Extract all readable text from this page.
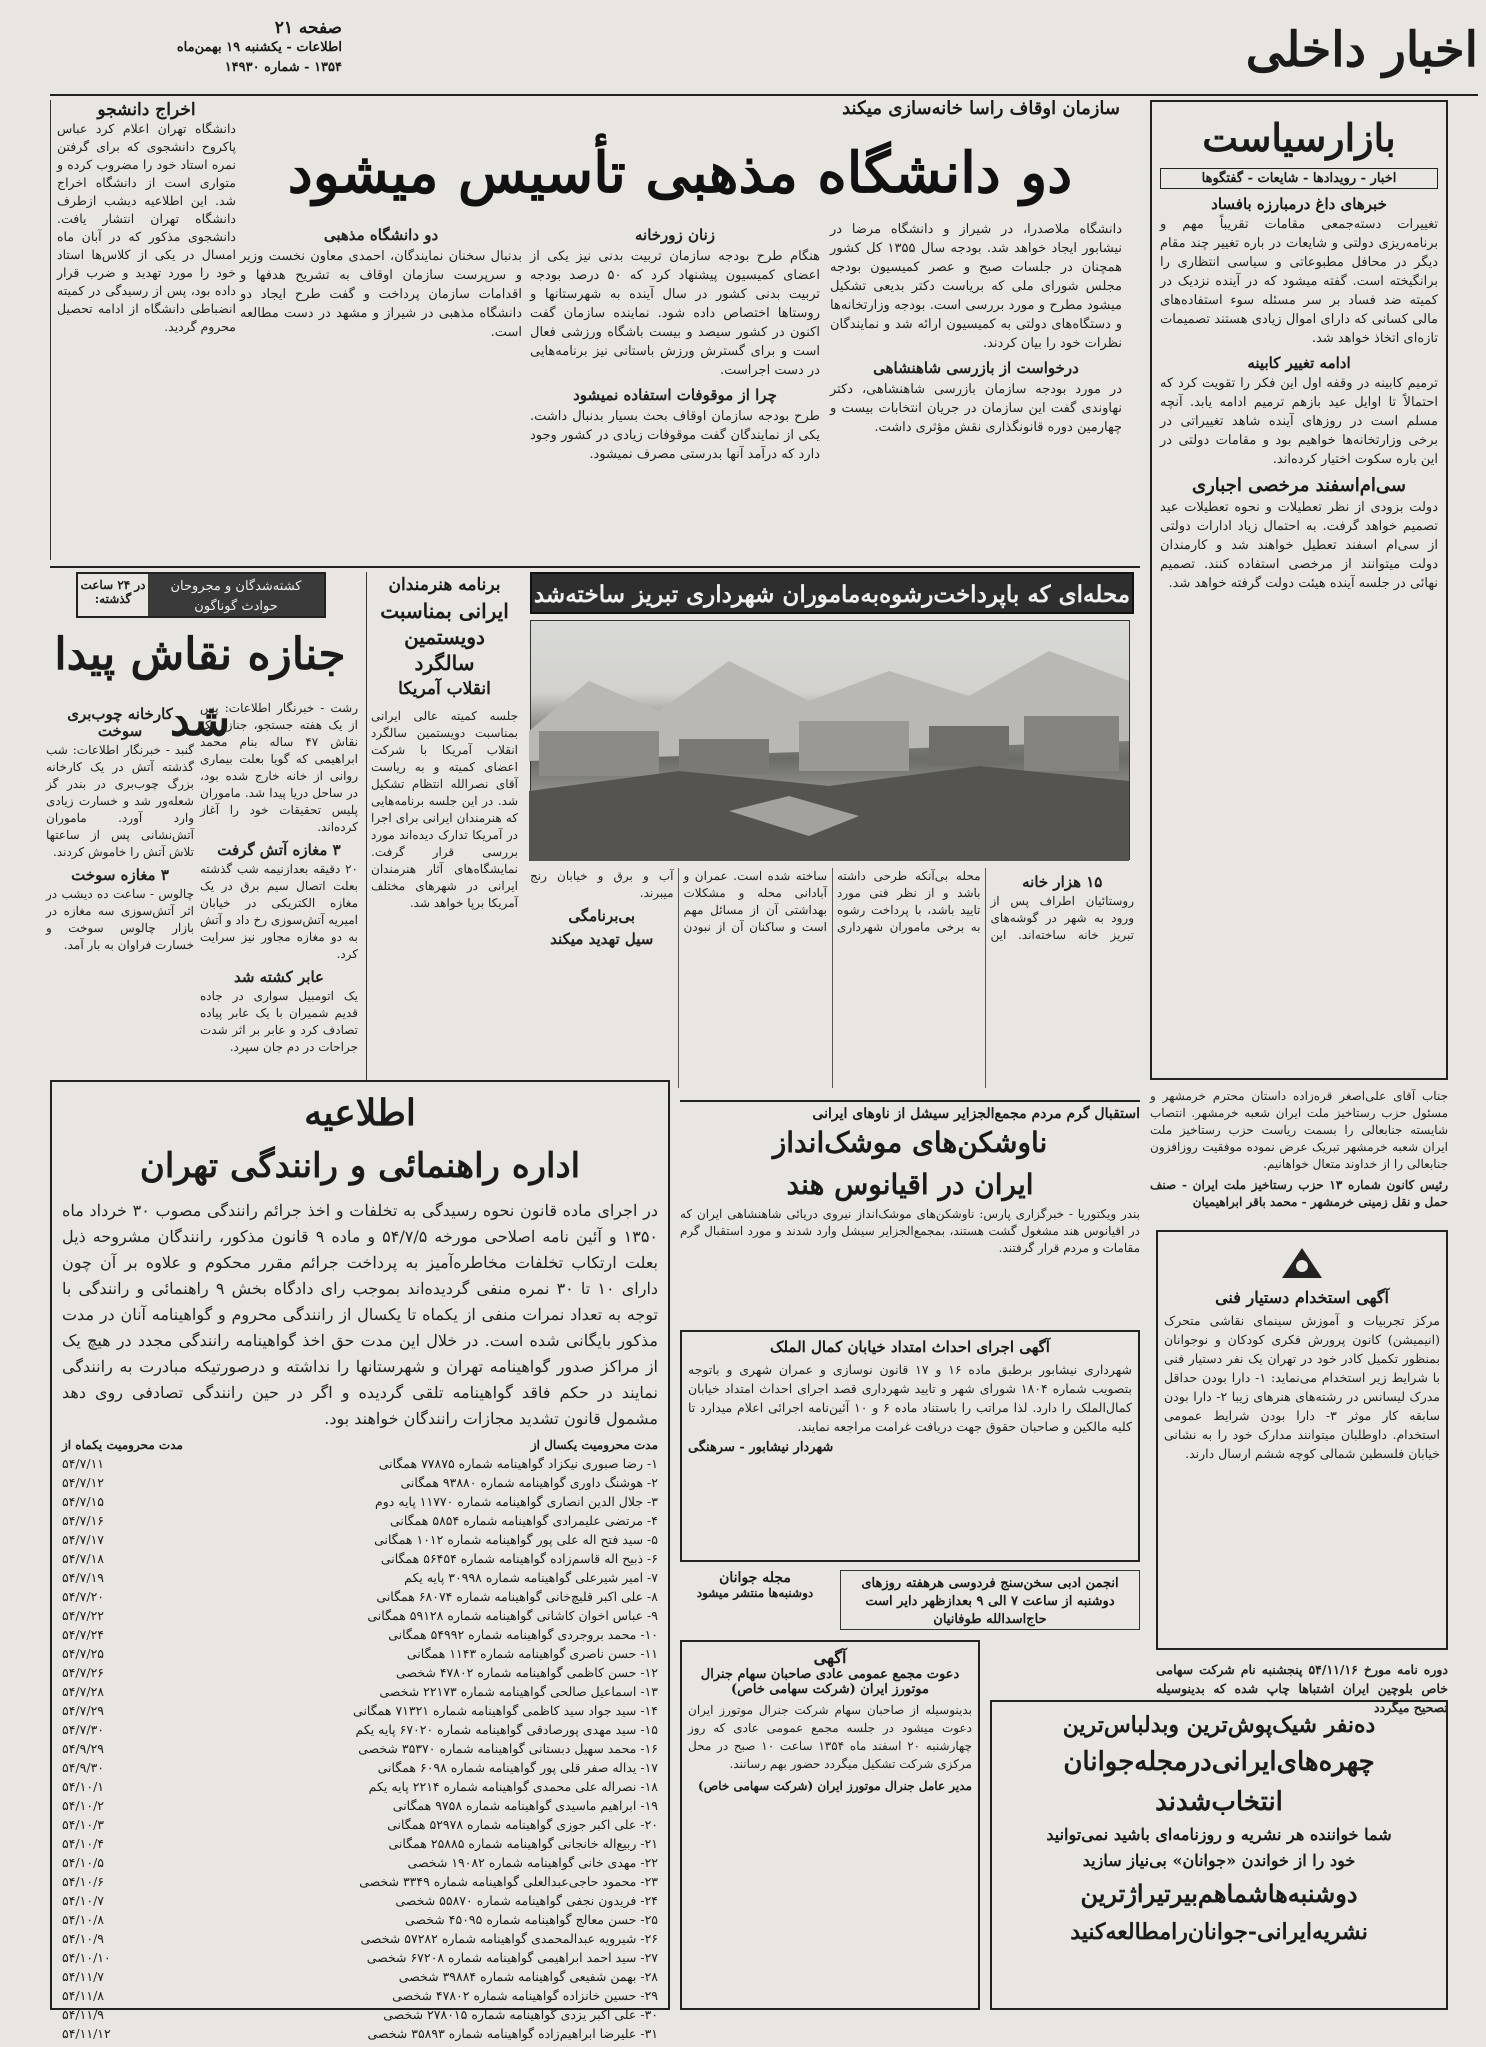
اخبار داخلی
صفحه ۲۱
اطلاعات - یکشنبه ۱۹ بهمن‌ماه
۱۳۵۴ - شماره ۱۴۹۳۰
سازمان اوقاف راسا خانه‌سازی میکند
دو دانشگاه مذهبی تأسیس میشود
اخراج دانشجو
دانشگاه تهران اعلام کرد عباس پاکروح دانشجوی که برای گرفتن نمره استاد خود را مضروب کرده و متواری است از دانشگاه اخراج شد. این اطلاعیه دیشب ازطرف دانشگاه تهران انتشار یافت. دانشجوی مذکور که در آبان ماه امسال در یکی از کلاس‌ها استاد خود را مورد تهدید و ضرب قرار داده بود، پس از رسیدگی در کمیته انضباطی دانشگاه از ادامه تحصیل محروم گردید.

دانشگاه ملاصدرا، در شیراز و دانشگاه مرضا در نیشابور ایجاد خواهد شد. بودجه سال ۱۳۵۵ کل کشور همچنان در جلسات صبح و عصر کمیسیون بودجه مجلس شورای ملی که بریاست دکتر بدیعی تشکیل میشود مطرح و مورد بررسی است. بودجه وزارتخانه‌ها و دستگاه‌های دولتی به کمیسیون ارائه شد و نمایندگان نظرات خود را بیان کردند.

درخواست از بازرسی شاهنشاهی

در مورد بودجه سازمان بازرسی شاهنشاهی، دکتر نهاوندی گفت این سازمان در جریان انتخابات بیست و چهارمین دوره قانونگذاری نقش مؤثری داشت.

زنان زورخانه

هنگام طرح بودجه سازمان تربیت بدنی نیز یکی از اعضای کمیسیون پیشنهاد کرد که ۵۰ درصد بودجه تربیت بدنی کشور در سال آینده به شهرستانها و روستاها اختصاص داده شود. نماینده سازمان گفت اکنون در کشور سیصد و بیست باشگاه ورزشی فعال است و برای گسترش ورزش باستانی نیز برنامه‌هایی در دست اجراست.

چرا از موقوفات استفاده نمیشود

طرح بودجه سازمان اوقاف بحث بسیار بدنبال داشت. یکی از نمایندگان گفت موقوفات زیادی در کشور وجود دارد که درآمد آنها بدرستی مصرف نمیشود.

دو دانشگاه مذهبی

بدنبال سخنان نمایندگان، احمدی معاون نخست وزیر و سرپرست سازمان اوقاف به تشریح هدفها و اقدامات سازمان پرداخت و گفت طرح ایجاد دو دانشگاه مذهبی در شیراز و مشهد در دست مطالعه است.

بازارسیاست
اخبار - رویدادها - شایعات - گفتگوها
خبرهای داغ درمبارزه بافساد
تغییرات دسته‌جمعی مقامات تقریباً مهم و برنامه‌ریزی دولتی و شایعات در باره تغییر چند مقام دیگر در محافل مطبوعاتی و سیاسی انتظاری را برانگیخته است. گفته میشود که در آینده نزدیک در کمیته ضد فساد بر سر مسئله سوء استفاده‌های مالی کسانی که دارای اموال زیادی هستند تصمیمات تازه‌ای اتخاذ خواهد شد.
ادامه تغییر کابینه
ترمیم کابینه در وقفه اول این فکر را تقویت کرد که احتمالاً تا اوایل عید بازهم ترمیم ادامه یابد. آنچه مسلم است در روزهای آینده شاهد تغییراتی در برخی وزارتخانه‌ها خواهیم بود و مقامات دولتی در این باره سکوت اختیار کرده‌اند.
سی‌ام‌اسفند مرخصی اجباری
دولت بزودی از نظر تعطیلات و نحوه تعطیلات عید تصمیم خواهد گرفت. به احتمال زیاد ادارات دولتی از سی‌ام اسفند تعطیل خواهند شد و کارمندان دولت میتوانند از مرخصی استفاده کنند. تصمیم نهائی در جلسه آینده هیئت دولت گرفته خواهد شد.

جناب آقای علی‌اصغر قره‌زاده داستان محترم خرمشهر و مسئول حزب رستاخیز ملت ایران شعبه خرمشهر. انتصاب شایسته جنابعالی را بسمت ریاست حزب رستاخیز ملت ایران شعبه خرمشهر تبریک عرض نموده موفقیت روزافزون جنابعالی را از خداوند متعال خواهانیم.

رئیس کانون شماره ۱۳ حزب رستاخیز ملت ایران - صنف حمل و نقل زمینی خرمشهر - محمد باقر ابراهیمیان

کشته‌شدگان و مجروحان
حوادث گوناگون
در ۲۴ ساعت گذشته:
جنازه نقاش پیدا شد

رشت - خبرنگار اطلاعات: پس از یک هفته جستجو، جنازه یک نقاش ۴۷ ساله بنام محمد ابراهیمی که گویا بعلت بیماری روانی از خانه خارج شده بود، در ساحل دریا پیدا شد. ماموران پلیس تحقیقات خود را آغاز کرده‌اند.

۳ مغازه آتش گرفت

۲۰ دقیقه بعدازنیمه شب گذشته بعلت اتصال سیم برق در یک مغازه الکتریکی در خیابان امیریه آتش‌سوزی رخ داد و آتش به دو مغازه مجاور نیز سرایت کرد.

عابر کشته شد

یک اتومبیل سواری در جاده قدیم شمیران با یک عابر پیاده تصادف کرد و عابر بر اثر شدت جراحات در دم جان سپرد.

کارخانه چوب‌بری سوخت

گنبد - خبرنگار اطلاعات: شب گذشته آتش در یک کارخانه بزرگ چوب‌بری در بندر گز شعله‌ور شد و خسارت زیادی وارد آورد. ماموران آتش‌نشانی پس از ساعتها تلاش آتش را خاموش کردند.

۳ مغازه سوخت

چالوس - ساعت ده دیشب در اثر آتش‌سوزی سه مغازه در بازار چالوس سوخت و خسارت فراوان به بار آمد.

برنامه هنرمندان
ایرانی بمناسبت
دویستمین سالگرد
انقلاب آمریکا
جلسه کمیته عالی ایرانی بمناسبت دویستمین سالگرد انقلاب آمریکا با شرکت اعضای کمیته و به ریاست آقای نصرالله انتظام تشکیل شد. در این جلسه برنامه‌هایی که هنرمندان ایرانی برای اجرا در آمریکا تدارک دیده‌اند مورد بررسی قرار گرفت. نمایشگاه‌های آثار هنرمندان ایرانی در شهرهای مختلف آمریکا برپا خواهد شد.
محله‌ای که باپرداخت‌رشوه‌به‌ماموران شهرداری تبریز ساخته‌شد
۱۵ هزار خانه

روستائیان اطراف پس از ورود به شهر در گوشه‌های تبریز خانه ساخته‌اند. این محله بی‌آنکه طرحی داشته باشد و از نظر فنی مورد تایید باشد، با پرداخت رشوه به برخی ماموران شهرداری ساخته شده است. عمران و آبادانی محله و مشکلات بهداشتی آن از مسائل مهم است و ساکنان آن از نبودن آب و برق و خیابان رنج میبرند.

بی‌برنامگی
سیل تهدید میکند
اطلاعیه
اداره راهنمائی و رانندگی تهران
در اجرای ماده قانون نحوه رسیدگی به تخلفات و اخذ جرائم رانندگی مصوب ۳۰ خرداد ماه ۱۳۵۰ و آئین نامه اصلاحی مورخه ۵۴/۷/۵ و ماده ۹ قانون مذکور، رانندگان مشروحه ذیل بعلت ارتکاب تخلفات مخاطره‌آمیز به پرداخت جرائم مقرر محکوم و علاوه بر آن چون دارای ۱۰ تا ۳۰ نمره منفی گردیده‌اند بموجب رای دادگاه بخش ۹ راهنمائی و رانندگی با توجه به تعداد نمرات منفی از یکماه تا یکسال از رانندگی محروم و گواهینامه آنان در مدت مذکور بایگانی شده است. در خلال این مدت حق اخذ گواهینامه رانندگی مجدد در هیچ یک از مراکز صدور گواهینامه تهران و شهرستانها را نداشته و درصورتیکه مبادرت به رانندگی نمایند در حکم فاقد گواهینامه تلقی گردیده و اگر در حین رانندگی تصادفی روی دهد مشمول قانون تشدید مجازات رانندگان خواهند بود.
مدت محرومیت یکسال از
مدت محرومیت یکماه از
۱- رضا صبوری نیکزاد گواهینامه شماره ۷۷۸۷۵ همگانی
۵۴/۷/۱۱
۲- هوشنگ داوری گواهینامه شماره ۹۳۸۸۰ همگانی
۵۴/۷/۱۲
۳- جلال الدین انصاری گواهینامه شماره ۱۱۷۷۰ پایه دوم
۵۴/۷/۱۵
۴- مرتضی علیمرادی گواهینامه شماره ۵۸۵۴ همگانی
۵۴/۷/۱۶
۵- سید فتح اله علی پور گواهینامه شماره ۱۰۱۲ همگانی
۵۴/۷/۱۷
۶- ذبیح اله قاسم‌زاده گواهینامه شماره ۵۶۴۵۴ همگانی
۵۴/۷/۱۸
۷- امیر شیرعلی گواهینامه شماره ۳۰۹۹۸ پایه یکم
۵۴/۷/۱۹
۸- علی اکبر قلیچ‌خانی گواهینامه شماره ۶۸۰۷۴ همگانی
۵۴/۷/۲۰
۹- عباس اخوان کاشانی گواهینامه شماره ۵۹۱۲۸ همگانی
۵۴/۷/۲۲
۱۰- محمد بروجردی گواهینامه شماره ۵۴۹۹۲ همگانی
۵۴/۷/۲۴
۱۱- حسن ناصری گواهینامه شماره ۱۱۴۳ همگانی
۵۴/۷/۲۵
۱۲- حسن کاظمی گواهینامه شماره ۴۷۸۰۲ شخصی
۵۴/۷/۲۶
۱۳- اسماعیل صالحی گواهینامه شماره ۲۲۱۷۳ شخصی
۵۴/۷/۲۸
۱۴- سید جواد سید کاظمی گواهینامه شماره ۷۱۳۲۱ همگانی
۵۴/۷/۲۹
۱۵- سید مهدی پورصادقی گواهینامه شماره ۶۷۰۲۰ پایه یکم
۵۴/۷/۳۰
۱۶- محمد سهیل دبستانی گواهینامه شماره ۳۵۳۷۰ شخصی
۵۴/۹/۲۹
۱۷- یداله صفر قلی پور گواهینامه شماره ۶۰۹۸ همگانی
۵۴/۹/۳۰
۱۸- نصراله علی محمدی گواهینامه شماره ۲۲۱۴ پایه یکم
۵۴/۱۰/۱
۱۹- ابراهیم ماسیدی گواهینامه شماره ۹۷۵۸ همگانی
۵۴/۱۰/۲
۲۰- علی اکبر جوزی گواهینامه شماره ۵۲۹۷۸ همگانی
۵۴/۱۰/۳
۲۱- ربیع‌اله خانجانی گواهینامه شماره ۲۵۸۸۵ همگانی
۵۴/۱۰/۴
۲۲- مهدی خانی گواهینامه شماره ۱۹۰۸۲ شخصی
۵۴/۱۰/۵
۲۳- محمود حاجی‌عبدالعلی گواهینامه شماره ۳۳۴۹ شخصی
۵۴/۱۰/۶
۲۴- فریدون نجفی گواهینامه شماره ۵۵۸۷۰ شخصی
۵۴/۱۰/۷
۲۵- حسن معالج گواهینامه شماره ۴۵۰۹۵ شخصی
۵۴/۱۰/۸
۲۶- شیرویه عبدالمحمدی گواهینامه شماره ۵۷۲۸۲ شخصی
۵۴/۱۰/۹
۲۷- سید احمد ابراهیمی گواهینامه شماره ۶۷۲۰۸ شخصی
۵۴/۱۰/۱۰
۲۸- بهمن شفیعی گواهینامه شماره ۳۹۸۸۴ شخصی
۵۴/۱۱/۷
۲۹- حسین خانزاده گواهینامه شماره ۴۷۸۰۲ شخصی
۵۴/۱۱/۸
۳۰- علی اکبر یزدی گواهینامه شماره ۲۷۸۰۱۵ شخصی
۵۴/۱۱/۹
۳۱- علیرضا ابراهیم‌زاده گواهینامه شماره ۳۵۸۹۳ شخصی
۵۴/۱۱/۱۲
استقبال گرم مردم مجمع‌الجزایر سیشل از ناوهای ایرانی
ناوشکن‌های موشک‌انداز
ایران در اقیانوس هند
بندر ویکتوریا - خبرگزاری پارس: ناوشکن‌های موشک‌انداز نیروی دریائی شاهنشاهی ایران که در اقیانوس هند مشغول گشت هستند، بمجمع‌الجزایر سیشل وارد شدند و مورد استقبال گرم مقامات و مردم قرار گرفتند.
آگهی اجرای احداث امتداد خیابان کمال الملک
شهرداری نیشابور برطبق ماده ۱۶ و ۱۷ قانون نوسازی و عمران شهری و باتوجه بتصویب شماره ۱۸۰۴ شورای شهر و تایید شهرداری قصد اجرای احداث امتداد خیابان کمال‌الملک را دارد. لذا مراتب را باستناد ماده ۶ و ۱۰ آئین‌نامه اجرائی اعلام میدارد تا کلیه مالکین و صاحبان حقوق جهت دریافت غرامت مراجعه نمایند.
شهردار نیشابور - سرهنگی
انجمن ادبی سخن‌سنج فردوسی هرهفته روزهای دوشنبه از ساعت ۷ الی ۹ بعدازظهر دایر است حاج‌اسدالله طوفانیان
مجله جوانان
دوشنبه‌ها منتشر میشود
آگهی
دعوت مجمع عمومی عادی صاحبان سهام جنرال موتورز ایران (شرکت سهامی خاص)
بدینوسیله از صاحبان سهام شرکت جنرال موتورز ایران دعوت میشود در جلسه مجمع عمومی عادی که روز چهارشنبه ۲۰ اسفند ماه ۱۳۵۴ ساعت ۱۰ صبح در محل مرکزی شرکت تشکیل میگردد حضور بهم رسانند.
مدیر عامل جنرال موتورز ایران (شرکت سهامی خاص)
آگهی استخدام دستیار فنی
مرکز تجربیات و آموزش سینمای نقاشی متحرک (انیمیشن) کانون پرورش فکری کودکان و نوجوانان بمنظور تکمیل کادر خود در تهران یک نفر دستیار فنی با شرایط زیر استخدام می‌نماید: ۱- دارا بودن حداقل مدرک لیسانس در رشته‌های هنرهای زیبا ۲- دارا بودن سابقه کار موثر ۳- دارا بودن شرایط عمومی استخدام. داوطلبان میتوانند مدارک خود را به نشانی خیابان فلسطین شمالی کوچه ششم ارسال دارند.
دوره نامه مورخ ۵۴/۱۱/۱۶ پنجشنبه نام شرکت سهامی خاص بلوچین ایران اشتباها چاپ شده که بدینوسیله تصحیح میگردد
ده‌نفر شیک‌پوش‌ترین وبدلباس‌ترین
چهره‌های‌ایرانی‌درمجله‌جوانان
انتخاب‌شدند
شما خواننده هر نشریه و روزنامه‌ای باشید نمی‌توانید
خود را از خواندن «جوانان» بی‌نیاز سازید
دوشنبه‌هاشماهم‌بیرتیراژترین
نشریه‌ایرانی-جوانان‌رامطالعه‌کنید
